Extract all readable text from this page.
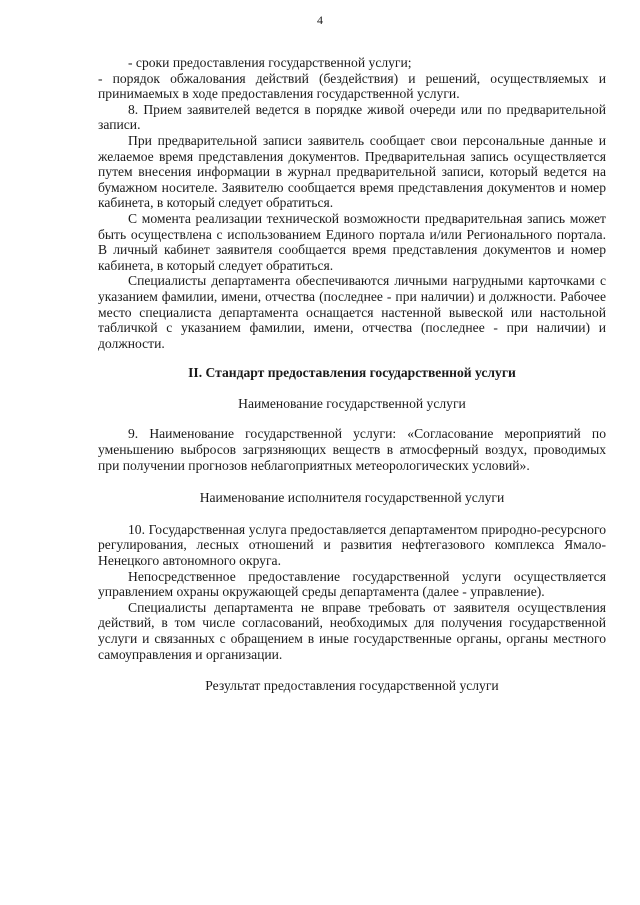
4

- сроки предоставления государственной услуги;

- порядок обжалования действий (бездействия) и решений, осуществляемых и принимаемых в ходе предоставления государственной услуги.

8. Прием заявителей ведется в порядке живой очереди или по предварительной записи.

При предварительной записи заявитель сообщает свои персональные данные и желаемое время представления документов. Предварительная запись осуществляется путем внесения информации в журнал предварительной записи, который ведется на бумажном носителе. Заявителю сообщается время представления документов и номер кабинета, в который следует обратиться.

С момента реализации технической возможности предварительная запись может быть осуществлена с использованием Единого портала и/или Регионального портала. В личный кабинет заявителя сообщается время представления документов и номер кабинета, в который следует обратиться.

Специалисты департамента обеспечиваются личными нагрудными карточками с указанием фамилии, имени, отчества (последнее - при наличии) и должности. Рабочее место специалиста департамента оснащается настенной вывеской или настольной табличкой с указанием фамилии, имени, отчества (последнее - при наличии) и должности.

II. Стандарт предоставления государственной услуги

Наименование государственной услуги

9. Наименование государственной услуги: «Согласование мероприятий по уменьшению выбросов загрязняющих веществ в атмосферный воздух, проводимых при получении прогнозов неблагоприятных метеорологических условий».

Наименование исполнителя государственной услуги

10. Государственная услуга предоставляется департаментом природно-ресурсного регулирования, лесных отношений и развития нефтегазового комплекса Ямало-Ненецкого автономного округа.

Непосредственное предоставление государственной услуги осуществляется управлением охраны окружающей среды департамента (далее - управление).

Специалисты департамента не вправе требовать от заявителя осуществления действий, в том числе согласований, необходимых для получения государственной услуги и связанных с обращением в иные государственные органы, органы местного самоуправления и организации.

Результат предоставления государственной услуги
